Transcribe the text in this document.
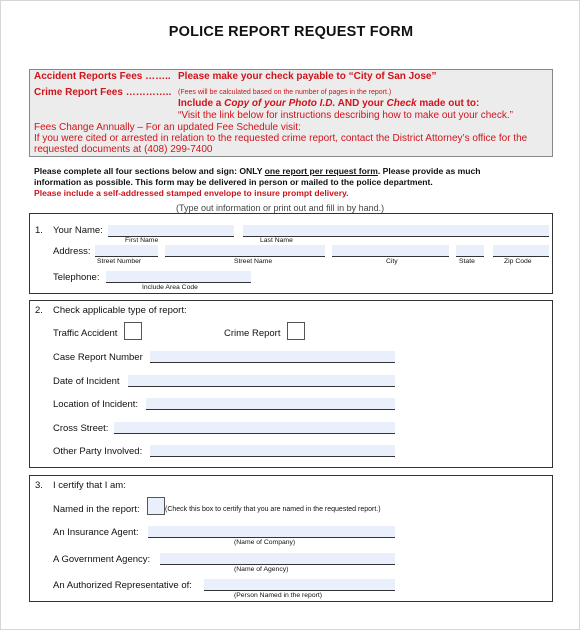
POLICE REPORT REQUEST FORM
Accident Reports Fees …….. Please make your check payable to “City of San Jose”
Crime Report Fees ………….. (Fees will be calculated based on the number of pages in the report.)
Include a Copy of your Photo I.D. AND your Check made out to:
“Visit the link below for instructions describing how to make out your check.”
Fees Change Annually – For an updated Fee Schedule visit:
If you were cited or arrested in relation to the requested crime report, contact the District Attorney’s office for the
requested documents at (408) 299-7400
Please complete all four sections below and sign: ONLY one report per request form. Please provide as much
information as possible. This form may be delivered in person or mailed to the police department.
Please include a self-addressed stamped envelope to insure prompt delivery.
(Type out information or print out and fill in by hand.)
1. Your Name:
First Name	Last Name
Address:
Street Number	Street Name	City	State	Zip Code
Telephone:
Include Area Code
2. Check applicable type of report:
Traffic Accident	Crime Report
Case Report Number
Date of Incident
Location of Incident:
Cross Street:
Other Party Involved:
3. I certify that I am:
Named in the report:	(Check this box to certify that you are named in the requested report.)
An Insurance Agent:
(Name of Company)
A Government Agency:
(Name of Agency)
An Authorized Representative of:
(Person Named in the report)
